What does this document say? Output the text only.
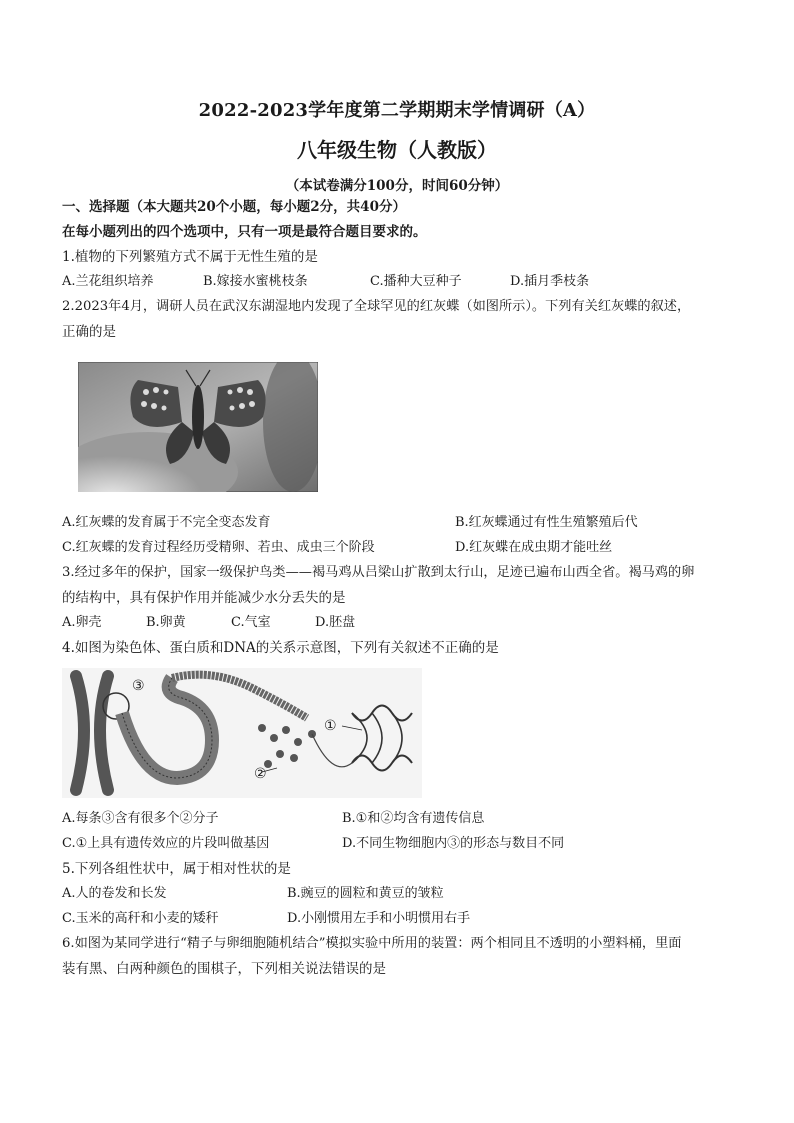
2022-2023学年度第二学期期末学情调研（A）
八年级生物（人教版）
（本试卷满分100分，时间60分钟）
一、选择题（本大题共20个小题，每小题2分，共40分）
在每小题列出的四个选项中，只有一项是最符合题目要求的。
1.植物的下列繁殖方式不属于无性生殖的是
A.兰花组织培养	B.嫁接水蜜桃枝条	C.播种大豆种子	D.插月季枝条
2.2023年4月，调研人员在武汉东湖湿地内发现了全球罕见的红灰蝶（如图所示）。下列有关红灰蝶的叙述，
正确的是
A.红灰蝶的发育属于不完全变态发育	B.红灰蝶通过有性生殖繁殖后代
C.红灰蝶的发育过程经历受精卵、若虫、成虫三个阶段	D.红灰蝶在成虫期才能吐丝
3.经过多年的保护，国家一级保护鸟类——褐马鸡从吕梁山扩散到太行山，足迹已遍布山西全省。褐马鸡的卵
的结构中，具有保护作用并能减少水分丢失的是
A.卵壳	B.卵黄	C.气室	D.胚盘
4.如图为染色体、蛋白质和DNA的关系示意图，下列有关叙述不正确的是
③
①
②
A.每条③含有很多个②分子	B.①和②均含有遗传信息
C.①上具有遗传效应的片段叫做基因	D.不同生物细胞内③的形态与数目不同
5.下列各组性状中，属于相对性状的是
A.人的卷发和长发	B.豌豆的圆粒和黄豆的皱粒
C.玉米的高秆和小麦的矮秆	D.小刚惯用左手和小明惯用右手
6.如图为某同学进行“精子与卵细胞随机结合”模拟实验中所用的装置：两个相同且不透明的小塑料桶，里面
装有黑、白两种颜色的围棋子，下列相关说法错误的是
